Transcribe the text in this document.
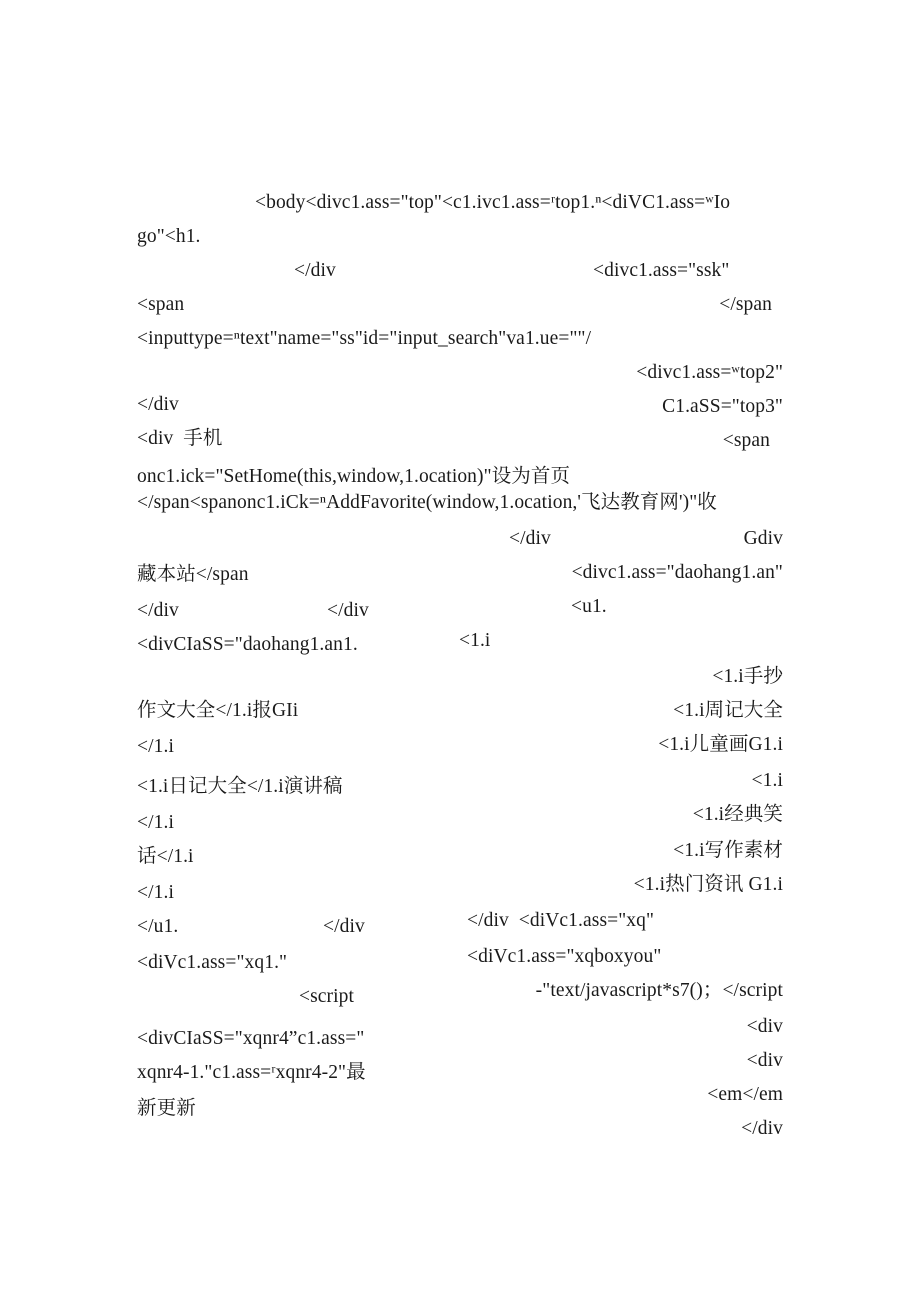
<body<divc1.ass="top"<c1.ivc1.ass=ʳtop1.ⁿ<diVC1.ass=ʷIo
go"<h1.
</div	<divc1.ass="ssk"
<span	</span
<inputtype=ⁿtext"name="ss"id="input_search"va1.ue=""/
<divc1.ass=ʷtop2"
</div	C1.aSS="top3"
<div  手机	<span
onc1.ick="SetHome(this,window,1.ocation)"设为首页
</span<spanonc1.iCk=ⁿAddFavorite(window,1.ocation,'飞达教育网')"收
</div	Gdiv
藏本站</span	<divc1.ass="daohang1.an"
<u1.
</div	</div
<divCIaSS="daohang1.an1.	<1.i
<1.i手抄
作文大全</1.i报GIi	<1.i周记大全
</1.i	<1.i儿童画G1.i
<1.i
<1.i日记大全</1.i演讲稿
<1.i经典笑
</1.i
<1.i写作素材
话</1.i
</1.i	<1.i热门资讯 G1.i
</u1.	</div	</div  <diVc1.ass="xq"
<diVc1.ass="xq1."	<diVc1.ass="xqboxyou"
<script	-"text/javascript*s7()；</script
<divCIaSS="xqnr4”c1.ass="
<div
xqnr4-1."c1.ass=ʳxqnr4-2"最
<div
新更新
<em</em
</div
